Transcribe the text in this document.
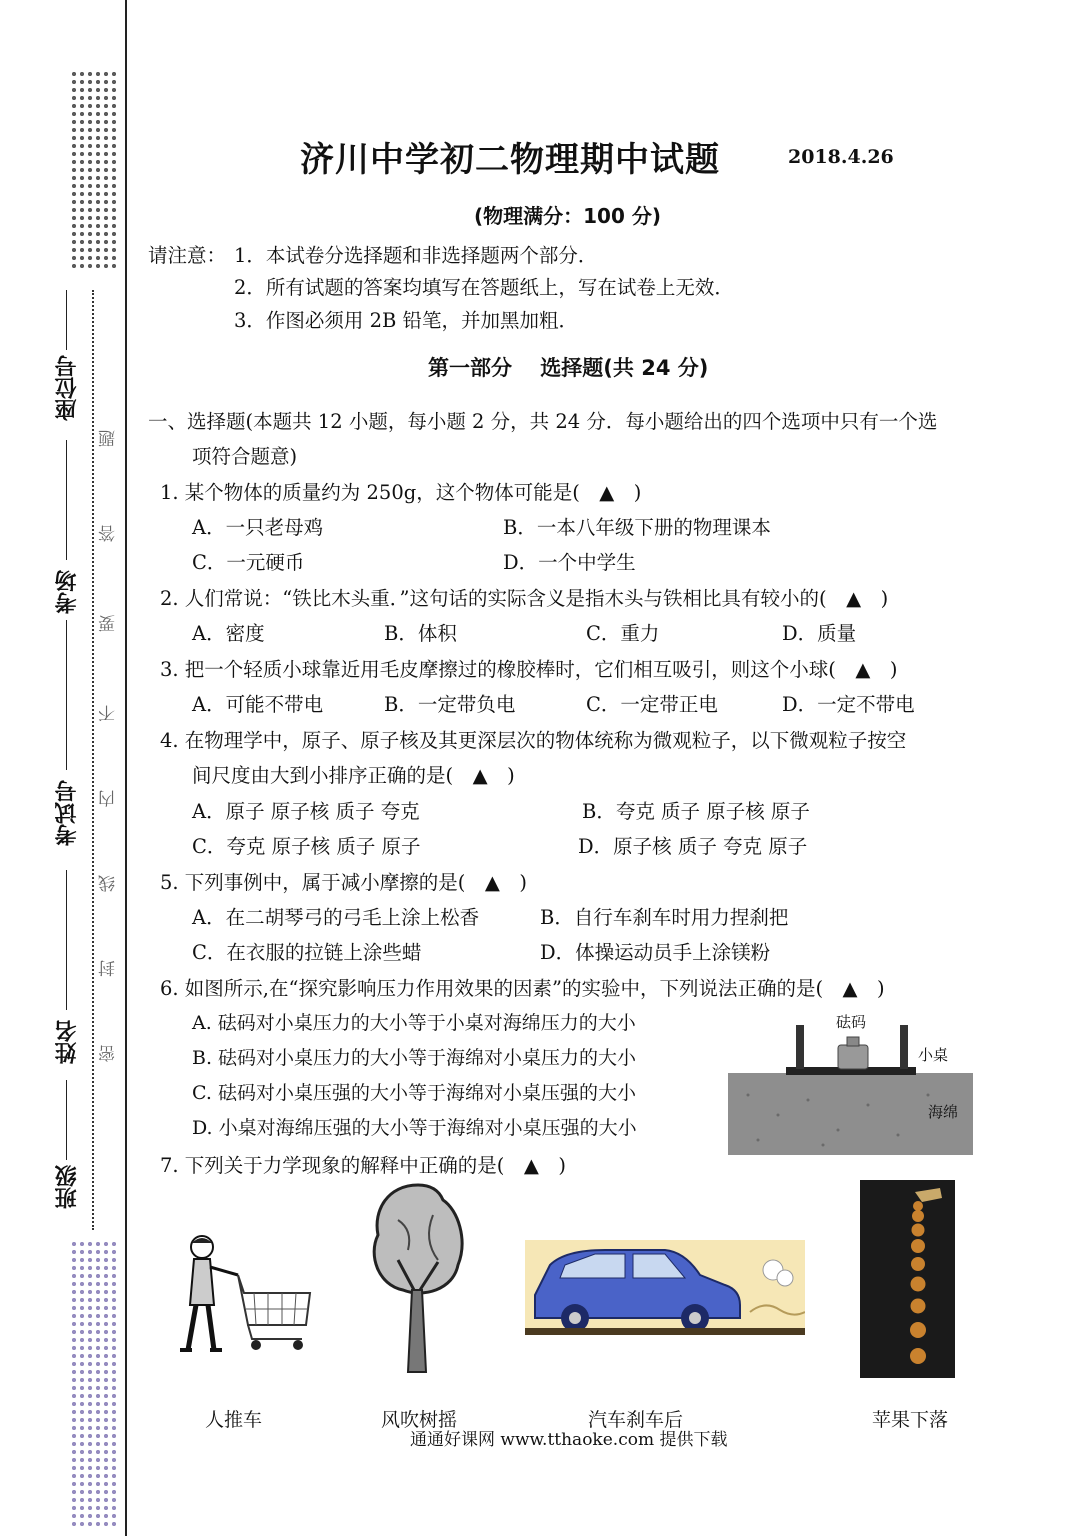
座位号
考场
考试号
姓名
班级
题
答
要
不
内
线
封
密
济川中学初二物理期中试题	2018.4.26
(物理满分：100 分)
请注意： 1．本试卷分选择题和非选择题两个部分．
2．所有试题的答案均填写在答题纸上，写在试卷上无效．
3．作图必须用 2B 铅笔，并加黑加粗．
第一部分　 选择题(共 24 分)
一、选择题(本题共 12 小题，每小题 2 分，共 24 分．每小题给出的四个选项中只有一个选
项符合题意)
1. 某个物体的质量约为 250g，这个物体可能是(　▲　)
A．一只老母鸡	B．一本八年级下册的物理课本
C．一元硬币	D．一个中学生
2. 人们常说：“铁比木头重．”这句话的实际含义是指木头与铁相比具有较小的(　▲　)
A．密度	B．体积	C．重力	D．质量
3. 把一个轻质小球靠近用毛皮摩擦过的橡胶棒时，它们相互吸引，则这个小球(　▲　)
A．可能不带电	B．一定带负电	C．一定带正电	D．一定不带电
4. 在物理学中，原子、原子核及其更深层次的物体统称为微观粒子，以下微观粒子按空
间尺度由大到小排序正确的是(　▲　)
A．原子 原子核 质子 夸克	B．夸克 质子 原子核 原子
C．夸克 原子核 质子 原子	D．原子核 质子 夸克 原子
5. 下列事例中，属于减小摩擦的是(　▲　)
A．在二胡琴弓的弓毛上涂上松香	B．自行车刹车时用力捏刹把
C．在衣服的拉链上涂些蜡	D．体操运动员手上涂镁粉
6. 如图所示,在“探究影响压力作用效果的因素”的实验中，下列说法正确的是(　▲　)
A. 砝码对小桌压力的大小等于小桌对海绵压力的大小
B. 砝码对小桌压力的大小等于海绵对小桌压力的大小
C. 砝码对小桌压强的大小等于海绵对小桌压强的大小
D. 小桌对海绵压强的大小等于海绵对小桌压强的大小
砝码
小桌
海绵
7. 下列关于力学现象的解释中正确的是(　▲　)
人推车	风吹树摇	汽车刹车后	苹果下落
通通好课网 www.tthaoke.com 提供下载
